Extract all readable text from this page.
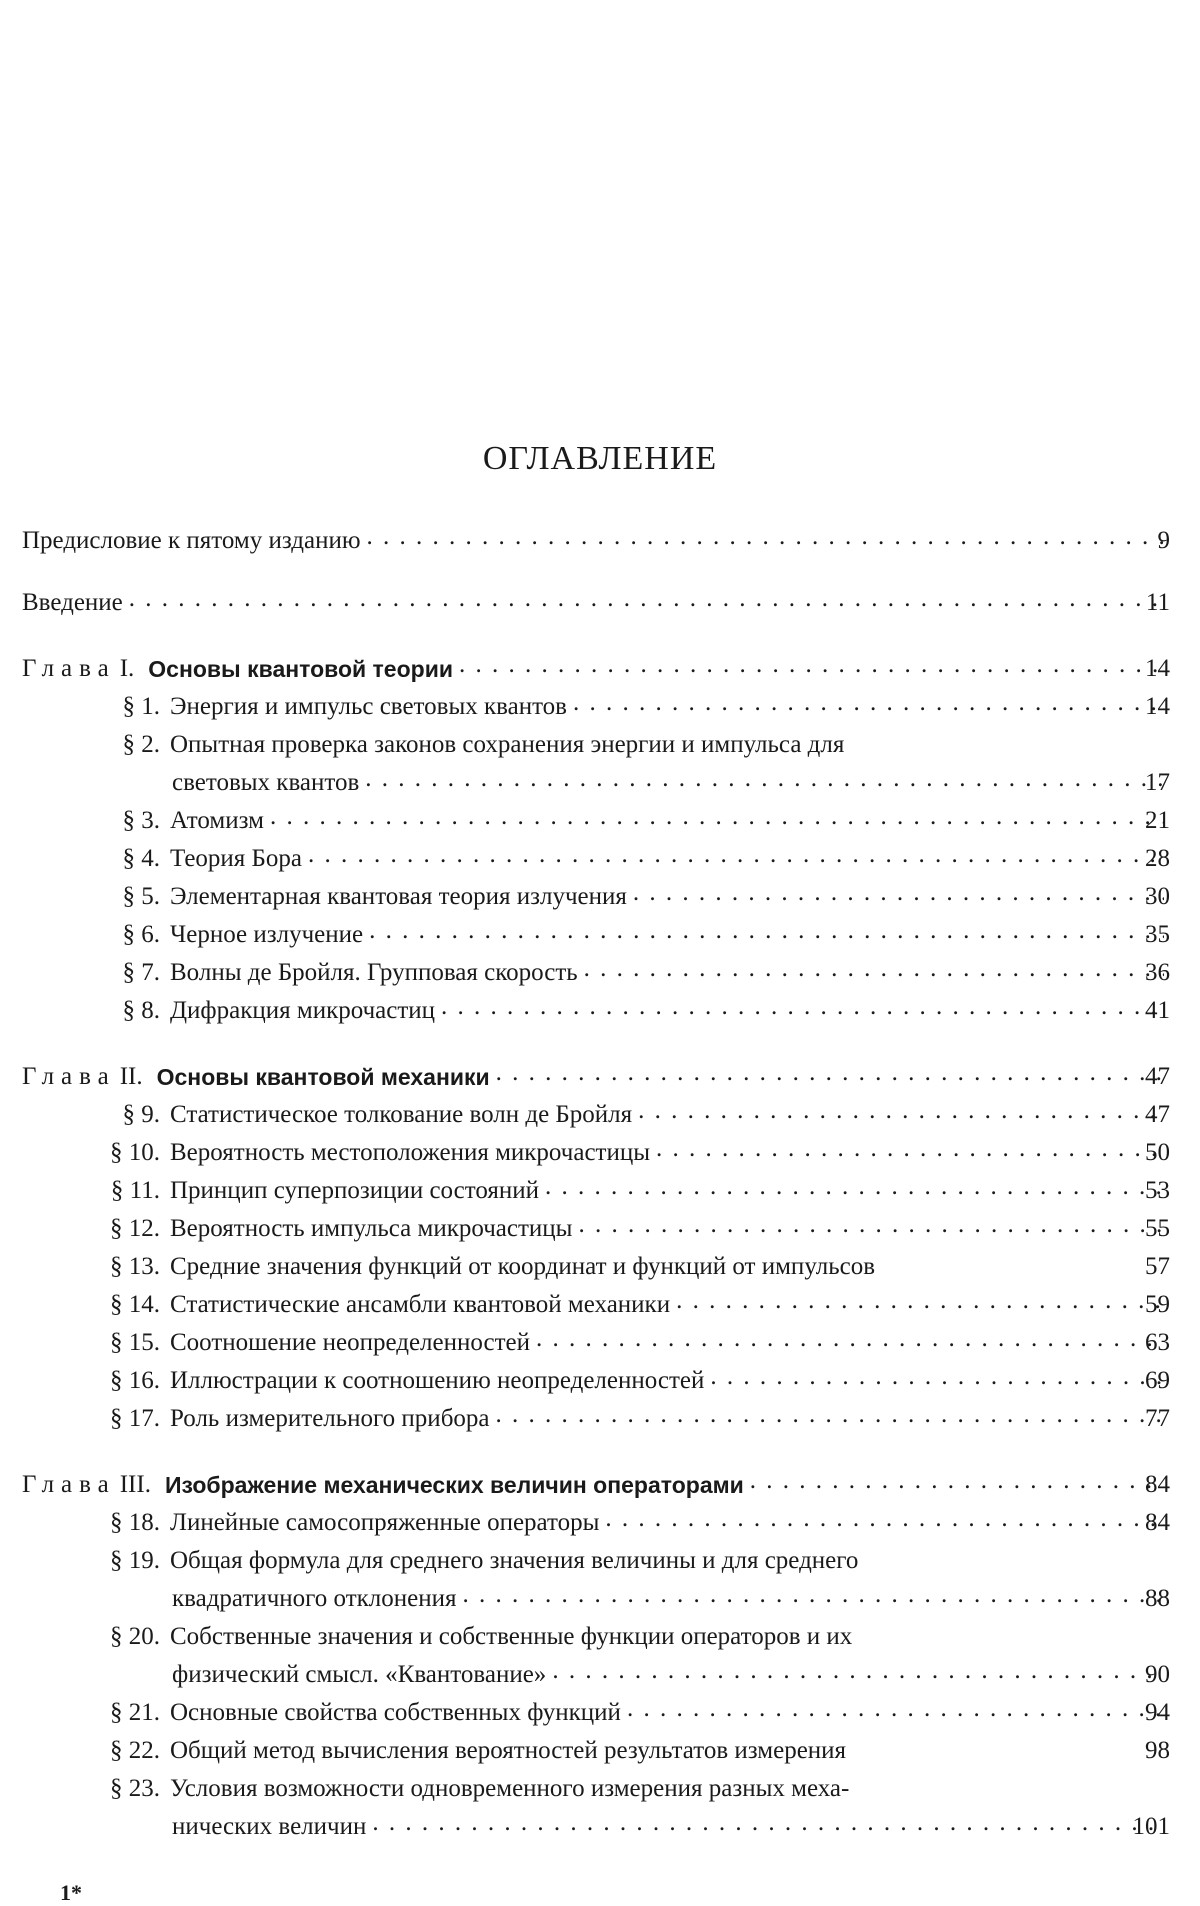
ОГЛАВЛЕНИЕ
Предисловие к пятому изданию . . .	9
Введение . . .	11
Глава I. Основы квантовой теории . . .	14
§ 1. Энергия и импульс световых квантов . . .	14
§ 2. Опытная проверка законов сохранения энергии и импульса для
световых квантов . . .	17
§ 3. Атомизм . . .	21
§ 4. Теория Бора . . .	28
§ 5. Элементарная квантовая теория излучения . . .	30
§ 6. Черное излучение . . .	35
§ 7. Волны де Бройля. Групповая скорость . . .	36
§ 8. Дифракция микрочастиц . . .	41
Глава II. Основы квантовой механики . . .	47
§ 9. Статистическое толкование волн де Бройля . . .	47
§ 10. Вероятность местоположения микрочастицы . . .	50
§ 11. Принцип суперпозиции состояний . . .	53
§ 12. Вероятность импульса микрочастицы . . .	55
§ 13. Средние значения функций от координат и функций от импульсов	57
§ 14. Статистические ансамбли квантовой механики . . .	59
§ 15. Соотношение неопределенностей . . .	63
§ 16. Иллюстрации к соотношению неопределенностей . . .	69
§ 17. Роль измерительного прибора . . .	77
Глава III. Изображение механических величин операторами . . .	84
§ 18. Линейные самосопряженные операторы . . .	84
§ 19. Общая формула для среднего значения величины и для среднего
квадратичного отклонения . . .	88
§ 20. Собственные значения и собственные функции операторов и их
физический смысл. «Квантование» . . .	90
§ 21. Основные свойства собственных функций . . .	94
§ 22. Общий метод вычисления вероятностей результатов измерения	98
§ 23. Условия возможности одновременного измерения разных меха-
нических величин . . .	101
1*
